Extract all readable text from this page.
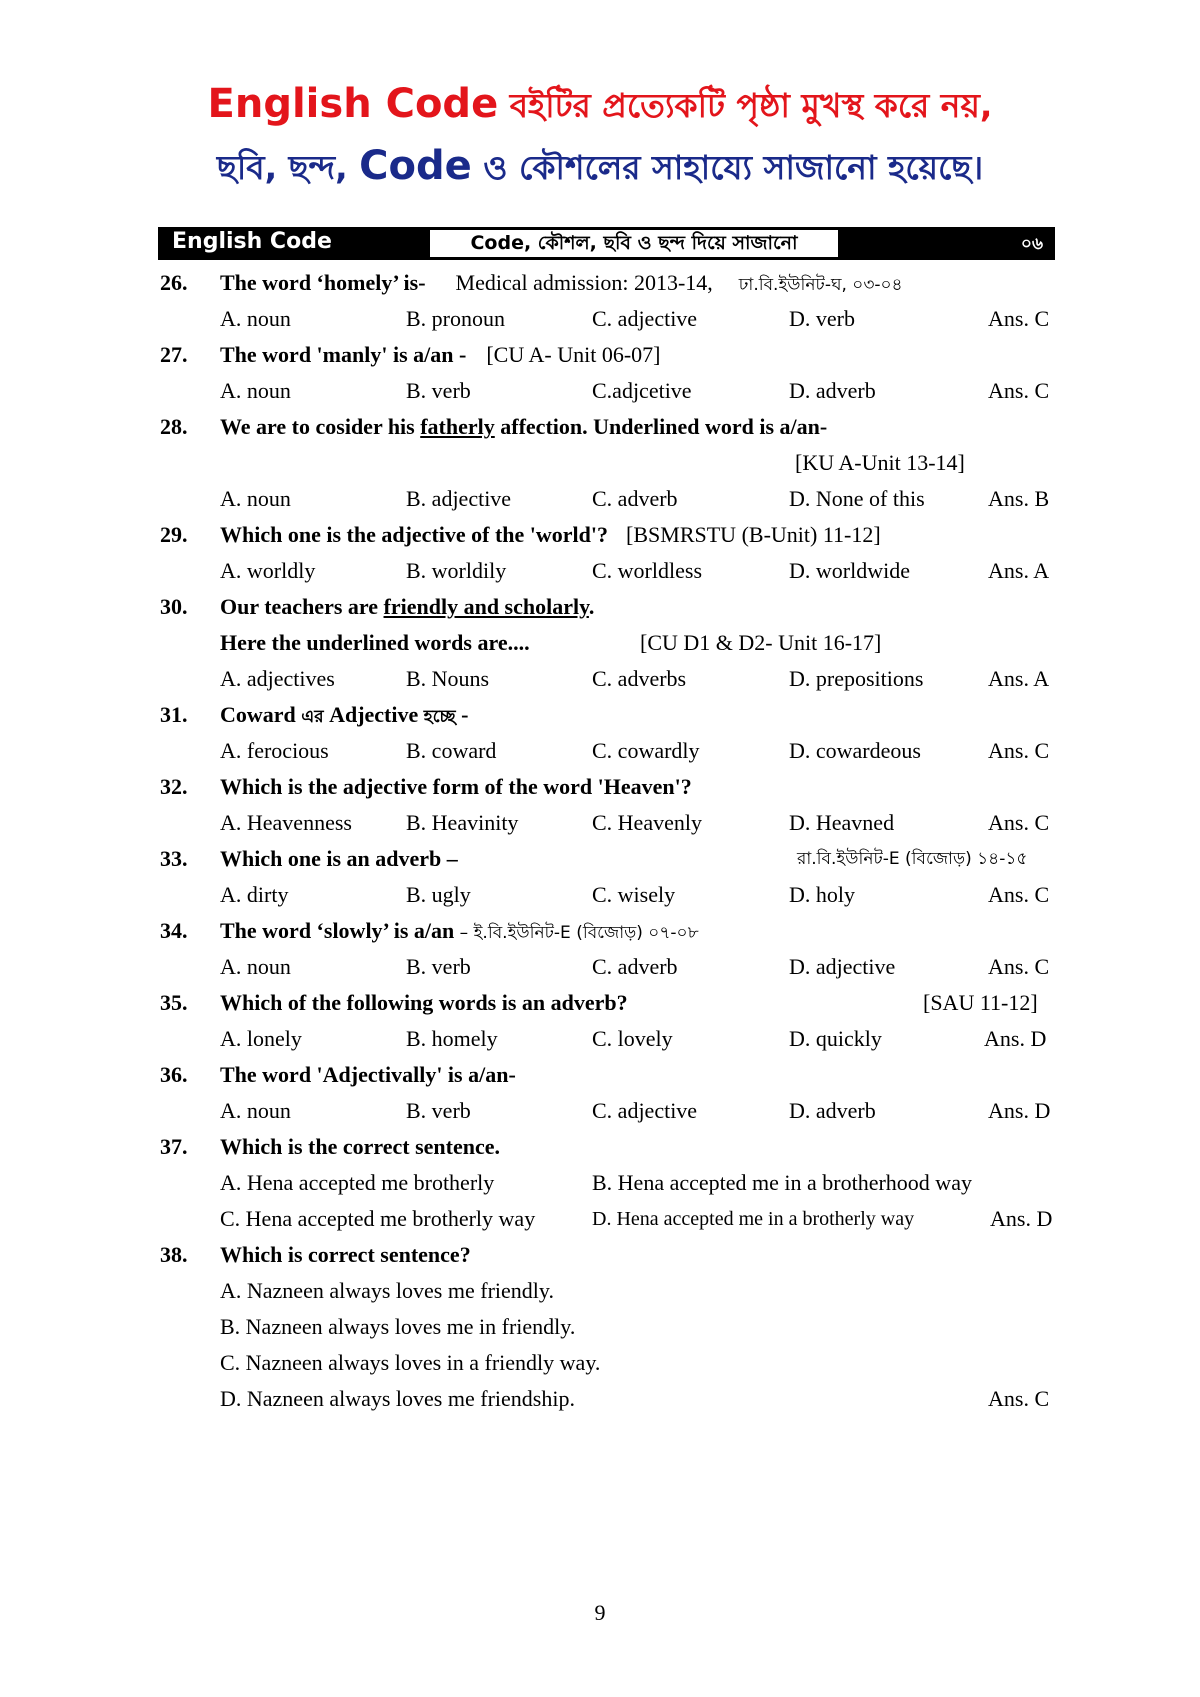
English Code বইটির প্রত্যেকটি পৃষ্ঠা মুখস্থ করে নয়,
ছবি, ছন্দ, Code ও কৌশলের সাহায্যে সাজানো হয়েছে।
English Code	Code, কৌশল, ছবি ও ছন্দ দিয়ে সাজানো	০৬
26. The word ‘homely’ is- Medical admission: 2013-14, ঢা.বি.ইউনিট-ঘ, ০৩-০৪
A. noun	B. pronoun	C. adjective	D. verb	Ans. C
27. The word 'manly' is a/an - [CU A- Unit 06-07]
A. noun	B. verb	C.adjcetive	D. adverb	Ans. C
28. We are to cosider his fatherly affection. Underlined word is a/an-
[KU A-Unit 13-14]
A. noun	B. adjective	C. adverb	D. None of this	Ans. B
29. Which one is the adjective of the 'world'? [BSMRSTU (B-Unit) 11-12]
A. worldly	B. worldily	C. worldless	D. worldwide	Ans. A
30. Our teachers are friendly and scholarly.
Here the underlined words are....	[CU D1 & D2- Unit 16-17]
A. adjectives	B. Nouns	C. adverbs	D. prepositions	Ans. A
31. Coward এর Adjective হচ্ছে -
A. ferocious	B. coward	C. cowardly	D. cowardeous	Ans. C
32. Which is the adjective form of the word 'Heaven'?
A. Heavenness B. Heavinity	C. Heavenly	D. Heavned	Ans. C
33. Which one is an adverb –	রা.বি.ইউনিট-E (বিজোড়) ১৪-১৫
A. dirty	B. ugly	C. wisely	D. holy	Ans. C
34. The word ‘slowly’ is a/an – ই.বি.ইউনিট-E (বিজোড়) ০৭-০৮
A. noun	B. verb	C. adverb	D. adjective	Ans. C
35. Which of the following words is an adverb?	[SAU 11-12]
A. lonely	B. homely	C. lovely	D. quickly	Ans. D
36. The word 'Adjectivally' is a/an-
A. noun	B. verb	C. adjective	D. adverb	Ans. D
37. Which is the correct sentence.
A. Hena accepted me brotherly	B. Hena accepted me in a brotherhood way
C. Hena accepted me brotherly way	D. Hena accepted me in a brotherly way	Ans. D
38. Which is correct sentence?
A. Nazneen always loves me friendly.
B. Nazneen always loves me in friendly.
C. Nazneen always loves in a friendly way.
D. Nazneen always loves me friendship.	Ans. C
9
